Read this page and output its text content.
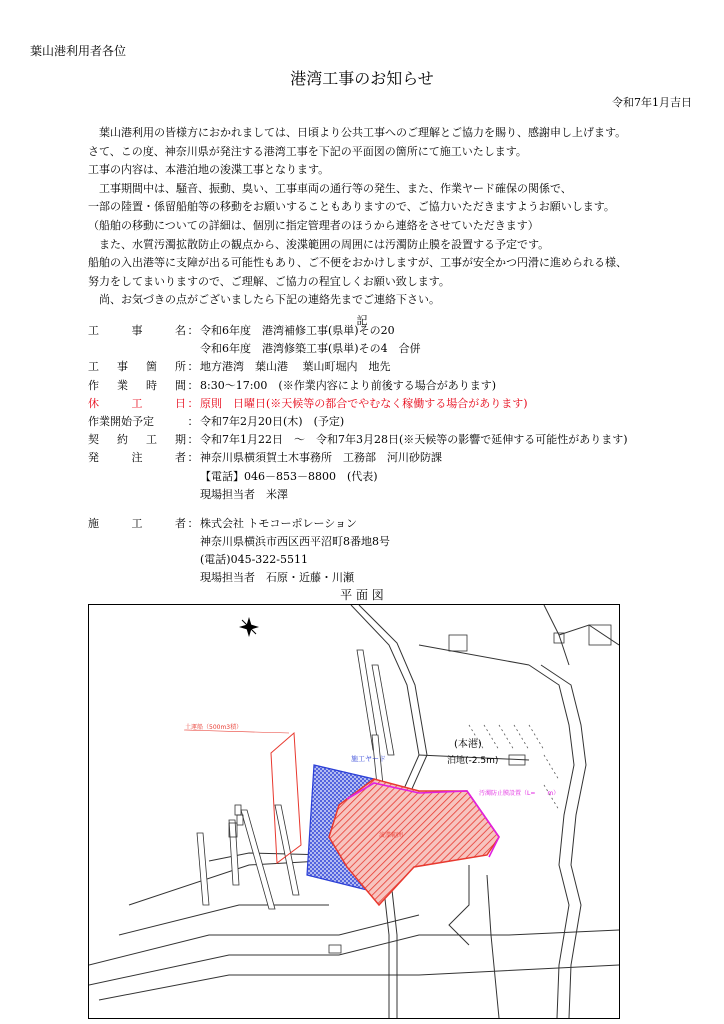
葉山港利用者各位
港湾工事のお知らせ
令和7年1月吉日

葉山港利用の皆様方におかれましては、日頃より公共工事へのご理解とご協力を賜り、感謝申し上げます。

さて、この度、神奈川県が発注する港湾工事を下記の平面図の箇所にて施工いたします。

工事の内容は、本港泊地の浚渫工事となります。

工事期間中は、騒音、振動、臭い、工事車両の通行等の発生、また、作業ヤード確保の関係で、

一部の陸置・係留船舶等の移動をお願いすることもありますので、ご協力いただきますようお願いします。

（船舶の移動についての詳細は、個別に指定管理者のほうから連絡をさせていただきます）

また、水質汚濁拡散防止の観点から、浚渫範囲の周囲には汚濁防止膜を設置する予定です。

船舶の入出港等に支障が出る可能性もあり、ご不便をおかけしますが、工事が安全かつ円滑に進められる様、

努力をしてまいりますので、ご理解、ご協力の程宜しくお願い致します。

尚、お気づきの点がございましたら下記の連絡先までご連絡下さい。

記
工	事	名 ： 令和6年度　港湾補修工事(県単)その20
令和6年度　港湾修築工事(県単)その4　合併
工 事 箇 所 ： 地方港湾　葉山港　 葉山町堀内　地先
作 業 時 間 ： 8:30～17:00　(※作業内容により前後する場合があります)
休	工	日 ： 原則　日曜日(※天候等の都合でやむなく稼働する場合があります)
作業開始予定	： 令和7年2月20日(木)　(予定)
契 約 工 期 ： 令和7年1月22日　～　令和7年3月28日(※天候等の影響で延伸する可能性があります)
発	注	者 ： 神奈川県横須賀土木事務所　工務部　河川砂防課
【電話】046－853－8800　(代表)
現場担当者　米澤
施	工	者 ： 株式会社 トモコーポレーション
神奈川県横浜市西区西平沼町8番地8号
(電話)045-322-5511
現場担当者　石原・近藤・川瀬
平 面 図
(本港)
泊地(-2.5m)
施工ヤード
土運船（500m3積）
浚渫範囲
汚濁防止膜設置（L=　　m）
